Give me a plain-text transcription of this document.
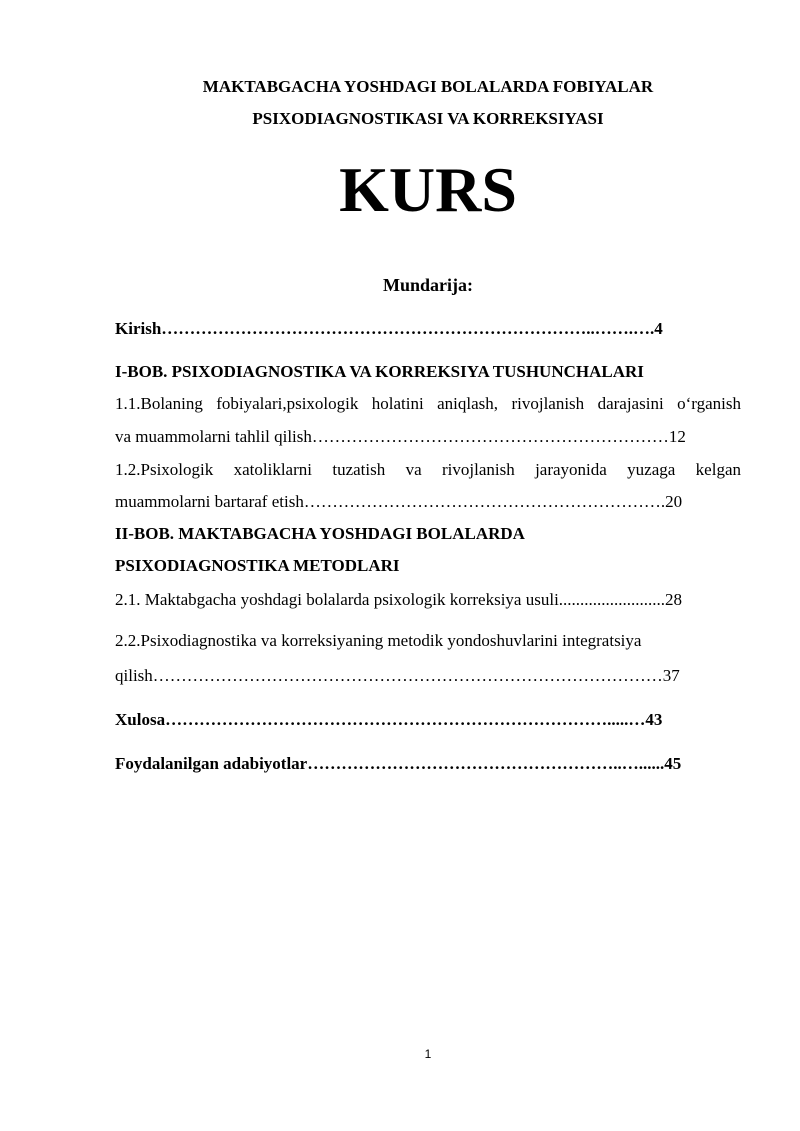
MAKTABGACHA YOSHDAGI BOLALARDA FOBIYALAR
PSIXODIAGNOSTIKASI VA KORREKSIYASI
KURS
Mundarija:
Kirish…………………………………………………………………..…….….4
I-BOB. PSIXODIAGNOSTIKA VA KORREKSIYA TUSHUNCHALARI
1.1.Bolaning fobiyalari,psixologik holatini aniqlash, rivojlanish darajasini o‘rganish
va muammolarni tahlil qilish………………………………………………………12
1.2.Psixologik xatoliklarni tuzatish va rivojlanish jarayonida yuzaga kelgan
muammolarni bartaraf etish……………………………………………………….20
II-BOB. MAKTABGACHA YOSHDAGI BOLALARDA
PSIXODIAGNOSTIKA METODLARI
2.1. Maktabgacha yoshdagi bolalarda psixologik korreksiya usuli.........................28
2.2.Psixodiagnostika va korreksiyaning metodik yondoshuvlarini integratsiya
qilish………………………………………………………………………………37
Xulosa…………………………………………………………………….....…43
Foydalanilgan adabiyotlar………………………………………………..…......45
1
